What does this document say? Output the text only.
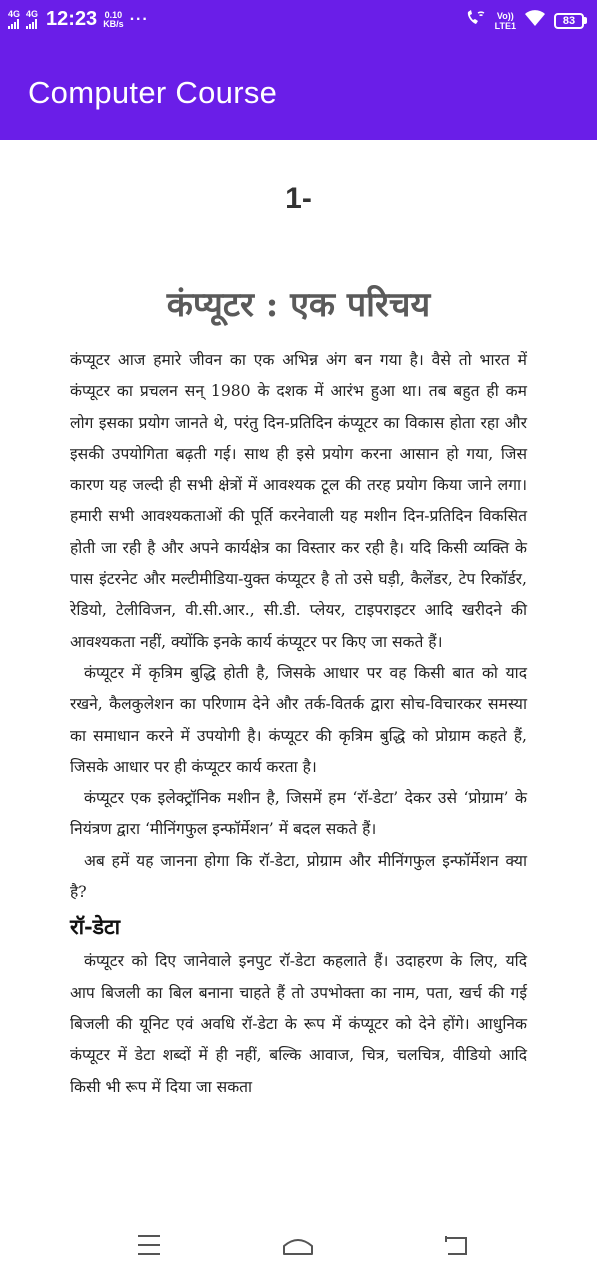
4G 4G 12:23 0.10
KB/s ···	Vo))
LTE1	83
Computer Course
1-
कंप्यूटर : एक परिचय

कंप्यूटर आज हमारे जीवन का एक अभिन्न अंग बन गया है। वैसे तो भारत में कंप्यूटर का प्रचलन सन् 1980 के दशक में आरंभ हुआ था। तब बहुत ही कम लोग इसका प्रयोग जानते थे, परंतु दिन-प्रतिदिन कंप्यूटर का विकास होता रहा और इसकी उपयोगिता बढ़ती गई। साथ ही इसे प्रयोग करना आसान हो गया, जिस कारण यह जल्दी ही सभी क्षेत्रों में आवश्यक टूल की तरह प्रयोग किया जाने लगा। हमारी सभी आवश्यकताओं की पूर्ति करनेवाली यह मशीन दिन-प्रतिदिन विकसित होती जा रही है और अपने कार्यक्षेत्र का विस्तार कर रही है। यदि किसी व्यक्ति के पास इंटरनेट और मल्टीमीडिया-युक्त कंप्यूटर है तो उसे घड़ी, कैलेंडर, टेप रिकॉर्डर, रेडियो, टेलीविजन, वी.सी.आर., सी.डी. प्लेयर, टाइपराइटर आदि खरीदने की आवश्यकता नहीं, क्योंकि इनके कार्य कंप्यूटर पर किए जा सकते हैं।

कंप्यूटर में कृत्रिम बुद्धि होती है, जिसके आधार पर वह किसी बात को याद रखने, कैलकुलेशन का परिणाम देने और तर्क-वितर्क द्वारा सोच-विचारकर समस्या का समाधान करने में उपयोगी है। कंप्यूटर की कृत्रिम बुद्धि को प्रोग्राम कहते हैं, जिसके आधार पर ही कंप्यूटर कार्य करता है।

कंप्यूटर एक इलेक्ट्रॉनिक मशीन है, जिसमें हम ‘रॉ-डेटा’ देकर उसे ‘प्रोग्राम’ के नियंत्रण द्वारा ‘मीनिंगफुल इन्फॉर्मेशन’ में बदल सकते हैं।

अब हमें यह जानना होगा कि रॉ-डेटा, प्रोग्राम और मीनिंगफुल इन्फॉर्मेशन क्या है?

रॉ-डेटा

कंप्यूटर को दिए जानेवाले इनपुट रॉ-डेटा कहलाते हैं। उदाहरण के लिए, यदि आप बिजली का बिल बनाना चाहते हैं तो उपभोक्ता का नाम, पता, खर्च की गई बिजली की यूनिट एवं अवधि रॉ-डेटा के रूप में कंप्यूटर को देने होंगे। आधुनिक कंप्यूटर में डेटा शब्दों में ही नहीं, बल्कि आवाज, चित्र, चलचित्र, वीडियो आदि किसी भी रूप में दिया जा सकता
